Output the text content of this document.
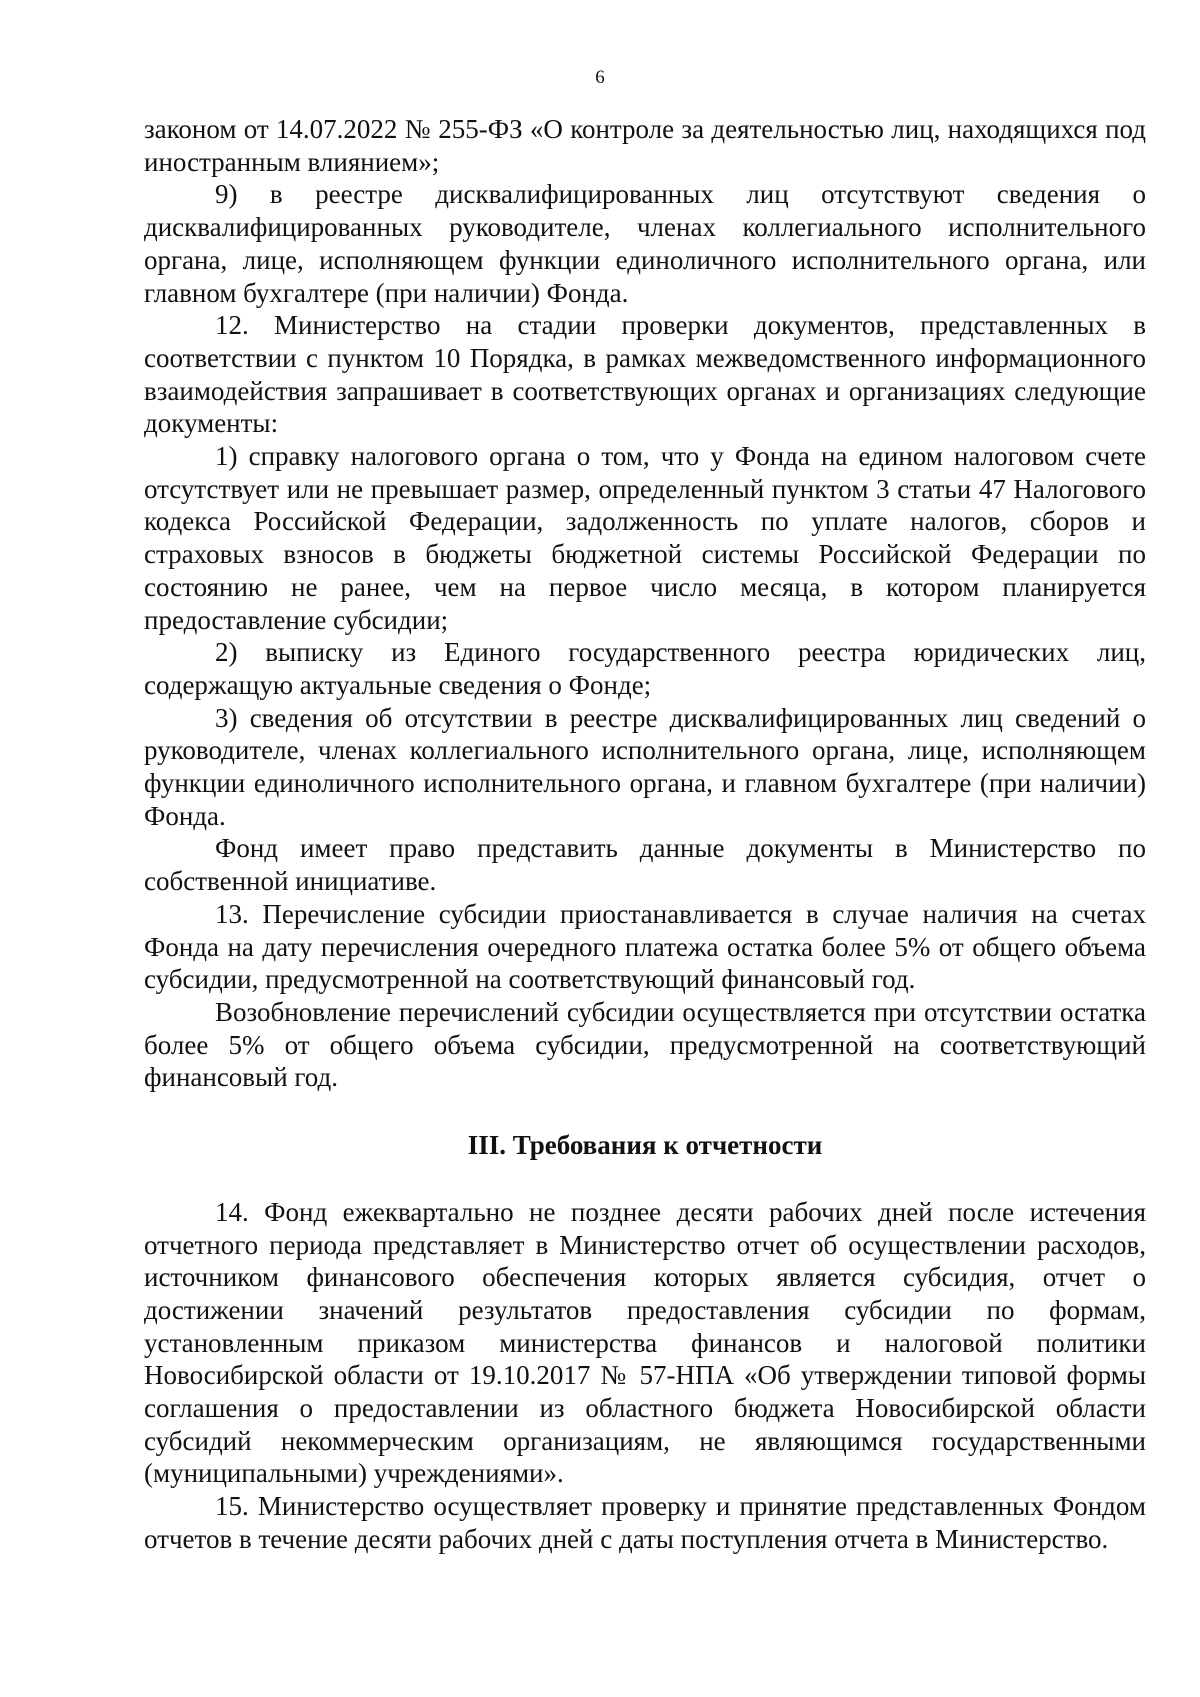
6

законом от 14.07.2022 № 255-ФЗ «О контроле за деятельностью лиц, находящихся под иностранным влиянием»;

9) в реестре дисквалифицированных лиц отсутствуют сведения о дисквалифицированных руководителе, членах коллегиального исполнительного органа, лице, исполняющем функции единоличного исполнительного органа, или главном бухгалтере (при наличии) Фонда.

12. Министерство на стадии проверки документов, представленных в соответствии с пунктом 10 Порядка, в рамках межведомственного информационного взаимодействия запрашивает в соответствующих органах и организациях следующие документы:

1) справку налогового органа о том, что у Фонда на едином налоговом счете отсутствует или не превышает размер, определенный пунктом 3 статьи 47 Налогового кодекса Российской Федерации, задолженность по уплате налогов, сборов и страховых взносов в бюджеты бюджетной системы Российской Федерации по состоянию не ранее, чем на первое число месяца, в котором планируется предоставление субсидии;

2) выписку из Единого государственного реестра юридических лиц, содержащую актуальные сведения о Фонде;

3) сведения об отсутствии в реестре дисквалифицированных лиц сведений о руководителе, членах коллегиального исполнительного органа, лице, исполняющем функции единоличного исполнительного органа, и главном бухгалтере (при наличии) Фонда.

Фонд имеет право представить данные документы в Министерство по собственной инициативе.

13. Перечисление субсидии приостанавливается в случае наличия на счетах Фонда на дату перечисления очередного платежа остатка более 5% от общего объема субсидии, предусмотренной на соответствующий финансовый год.

Возобновление перечислений субсидии осуществляется при отсутствии остатка более 5% от общего объема субсидии, предусмотренной на соответствующий финансовый год.

III. Требования к отчетности

14. Фонд ежеквартально не позднее десяти рабочих дней после истечения отчетного периода представляет в Министерство отчет об осуществлении расходов, источником финансового обеспечения которых является субсидия, отчет о достижении значений результатов предоставления субсидии по формам, установленным приказом министерства финансов и налоговой политики Новосибирской области от 19.10.2017 № 57-НПА «Об утверждении типовой формы соглашения о предоставлении из областного бюджета Новосибирской области субсидий некоммерческим организациям, не являющимся государственными (муниципальными) учреждениями».

15. Министерство осуществляет проверку и принятие представленных Фондом отчетов в течение десяти рабочих дней с даты поступления отчета в Министерство.
